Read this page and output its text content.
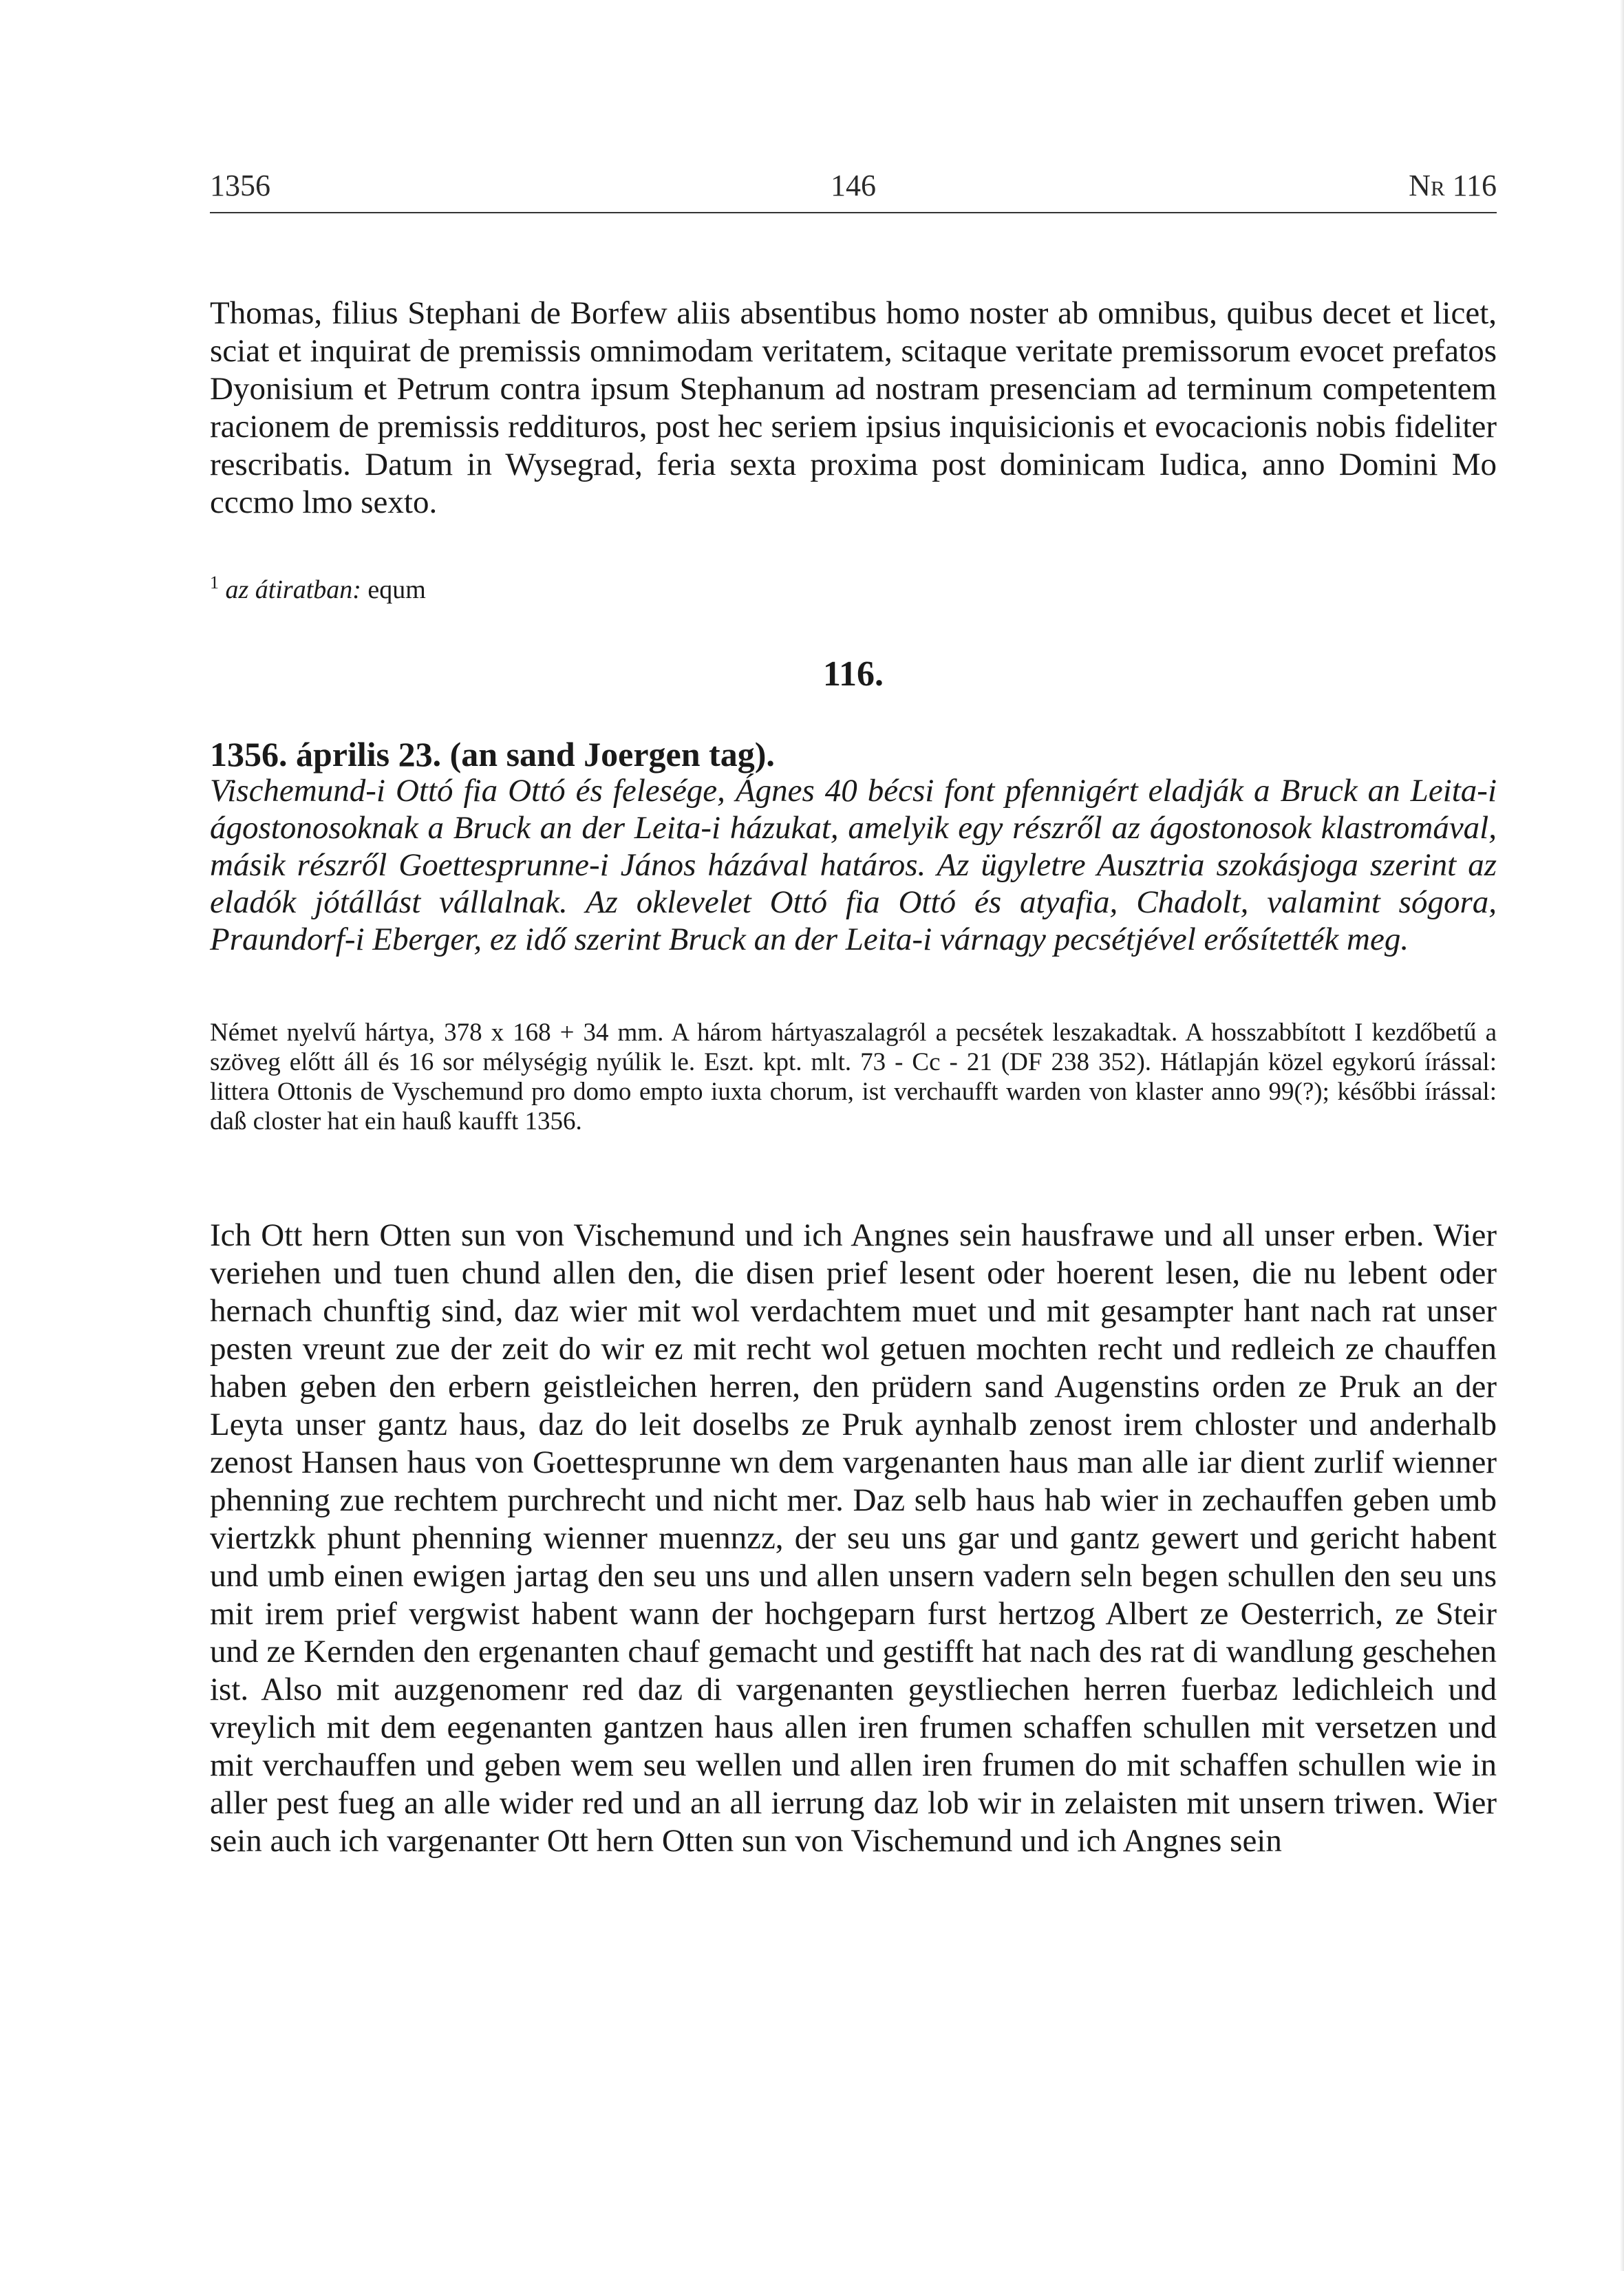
1356	146	Nr 116

Thomas, filius Stephani de Borfew aliis absentibus homo noster ab omnibus, quibus decet et licet, sciat et inquirat de premissis omnimodam veritatem, scitaque veritate premissorum evocet prefatos Dyonisium et Petrum contra ipsum Stephanum ad nostram presenciam ad terminum competentem racionem de premissis reddituros, post hec seriem ipsius inquisicionis et evocacionis nobis fideliter rescribatis. Datum in Wysegrad, feria sexta proxima post dominicam Iudica, anno Domini Mo cccmo lmo sexto.

$^1$ az átiratban: equm

116.

1356. április 23. (an sand Joergen tag).

Vischemund-i Ottó fia Ottó és felesége, Ágnes 40 bécsi font pfennigért eladják a Bruck an Leita-i ágostonosoknak a Bruck an der Leita-i házukat, amelyik egy részről az ágostonosok klastromával, másik részről Goettesprunne-i János házával határos. Az ügyletre Ausztria szokásjoga szerint az eladók jótállást vállalnak. Az oklevelet Ottó fia Ottó és atyafia, Chadolt, valamint sógora, Praundorf-i Eberger, ez idő szerint Bruck an der Leita-i várnagy pecsétjével erősítették meg.

Német nyelvű hártya, 378 x 168 + 34 mm. A három hártyaszalagról a pecsétek leszakadtak. A hosszabbított I kezdőbetű a szöveg előtt áll és 16 sor mélységig nyúlik le. Eszt. kpt. mlt. 73 - Cc - 21 (DF 238 352). Hátlapján közel egykorú írással: littera Ottonis de Vyschemund pro domo empto iuxta chorum, ist verchaufft warden von klaster anno 99(?); későbbi írással: daß closter hat ein hauß kaufft 1356.

Ich Ott hern Otten sun von Vischemund und ich Angnes sein hausfrawe und all unser erben. Wier veriehen und tuen chund allen den, die disen prief lesent oder hoerent lesen, die nu lebent oder hernach chunftig sind, daz wier mit wol verdachtem muet und mit gesampter hant nach rat unser pesten vreunt zue der zeit do wir ez mit recht wol getuen mochten recht und redleich ze chauffen haben geben den erbern geistleichen herren, den prüdern sand Augenstins orden ze Pruk an der Leyta unser gantz haus, daz do leit doselbs ze Pruk aynhalb zenost irem chloster und anderhalb zenost Hansen haus von Goettesprunne wn dem vargenanten haus man alle iar dient zurlif wienner phenning zue rechtem purchrecht und nicht mer. Daz selb haus hab wier in zechauffen geben umb viertzkk phunt phenning wienner muennzz, der seu uns gar und gantz gewert und gericht habent und umb einen ewigen jartag den seu uns und allen unsern vadern seln begen schullen den seu uns mit irem prief vergwist habent wann der hochgeparn furst hertzog Albert ze Oesterrich, ze Steir und ze Kernden den ergenanten chauf gemacht und gestifft hat nach des rat di wandlung geschehen ist. Also mit auzgenomenr red daz di vargenanten geystliechen herren fuerbaz ledichleich und vreylich mit dem eegenanten gantzen haus allen iren frumen schaffen schullen mit versetzen und mit verchauffen und geben wem seu wellen und allen iren frumen do mit schaffen schullen wie in aller pest fueg an alle wider red und an all ierrung daz lob wir in zelaisten mit unsern triwen. Wier sein auch ich vargenanter Ott hern Otten sun von Vischemund und ich Angnes sein
